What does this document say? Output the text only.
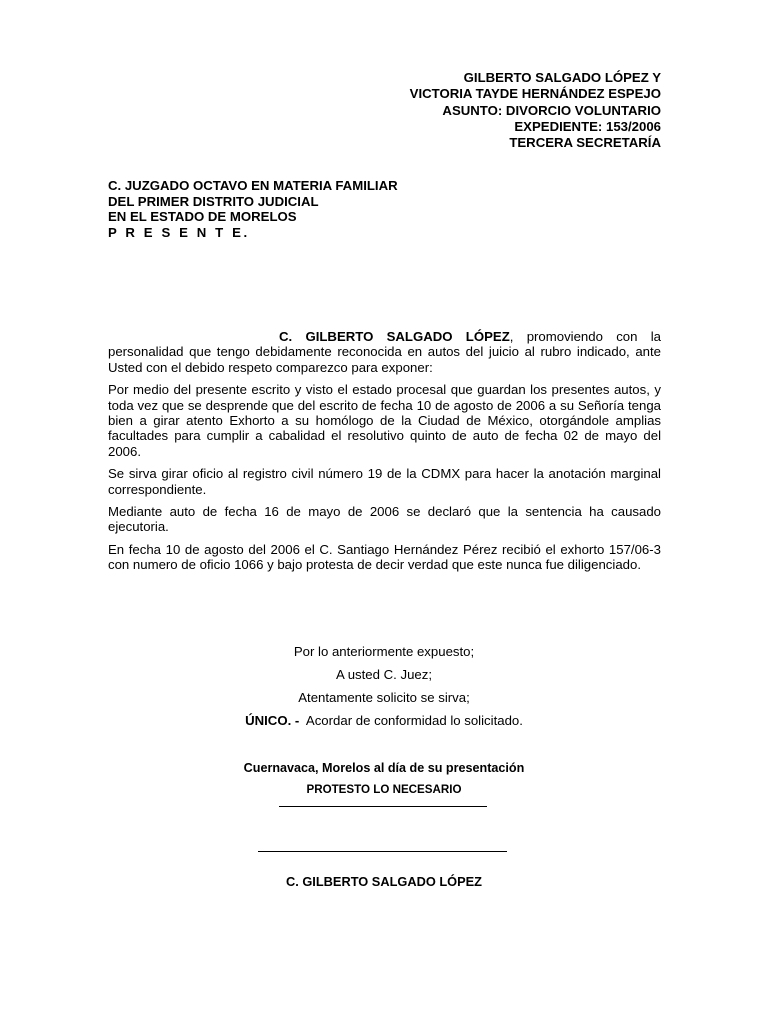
GILBERTO SALGADO LÓPEZ Y
VICTORIA TAYDE HERNÁNDEZ ESPEJO
ASUNTO: DIVORCIO VOLUNTARIO
EXPEDIENTE: 153/2006
TERCERA SECRETARÍA
C. JUZGADO OCTAVO EN MATERIA FAMILIAR
DEL PRIMER DISTRITO JUDICIAL
EN EL ESTADO DE MORELOS
P R E S E N T E.

C. GILBERTO SALGADO LÓPEZ, promoviendo con la personalidad que tengo debidamente reconocida en autos del juicio al rubro indicado, ante Usted con el debido respeto comparezco para exponer:

Por medio del presente escrito y visto el estado procesal que guardan los presentes autos, y toda vez que se desprende que del escrito de fecha 10 de agosto de 2006 a su Señoría tenga bien a girar atento Exhorto a su homólogo de la Ciudad de México, otorgándole amplias facultades para cumplir a cabalidad el resolutivo quinto de auto de fecha 02 de mayo del 2006.

Se sirva girar oficio al registro civil número 19 de la CDMX para hacer la anotación marginal correspondiente.

Mediante auto de fecha 16 de mayo de 2006 se declaró que la sentencia ha causado ejecutoria.

En fecha 10 de agosto del 2006 el C. Santiago Hernández Pérez recibió el exhorto 157/06-3 con numero de oficio 1066 y bajo protesta de decir verdad que este nunca fue diligenciado.

Por lo anteriormente expuesto;
A usted C. Juez;
Atentamente solicito se sirva;
ÚNICO. - Acordar de conformidad lo solicitado.
Cuernavaca, Morelos al día de su presentación
PROTESTO LO NECESARIO
C. GILBERTO SALGADO LÓPEZ
